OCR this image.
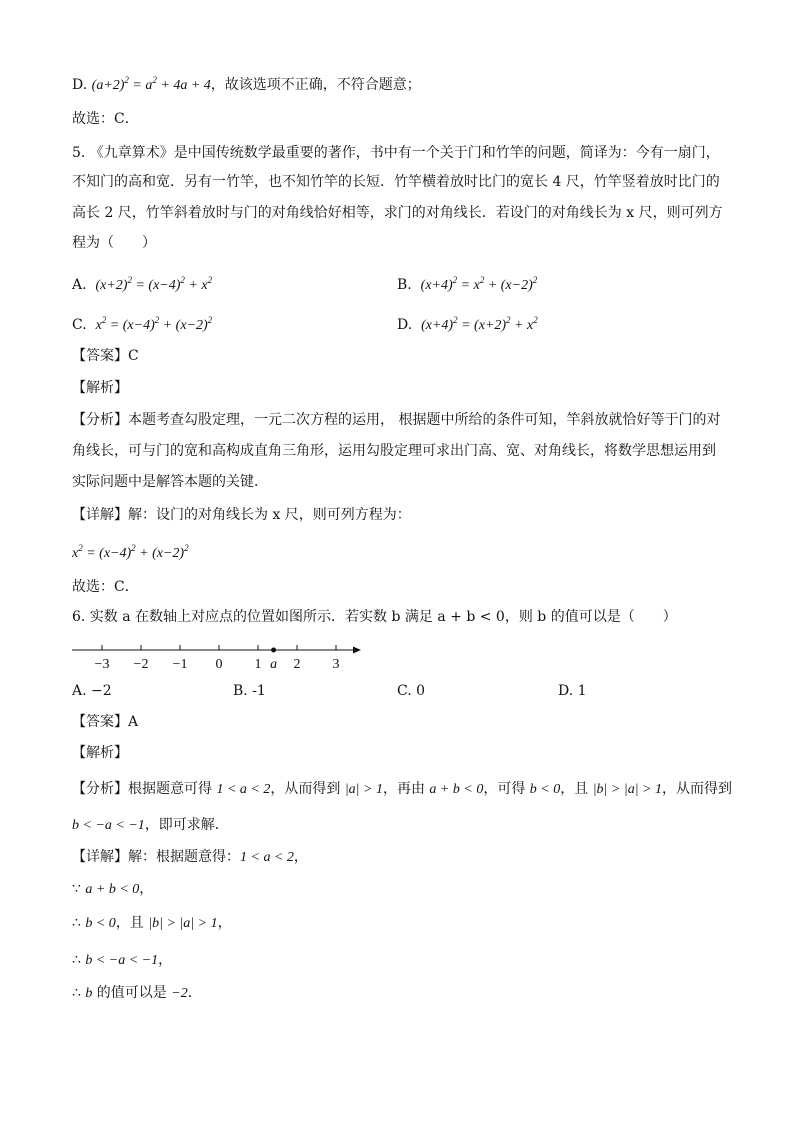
D. $(a+2)^2 = a^2 + 4a + 4$，故该选项不正确，不符合题意；
故选：C．
5. 《九章算术》是中国传统数学最重要的著作，书中有一个关于门和竹竿的问题，简译为：今有一扇门，
不知门的高和宽．另有一竹竿，也不知竹竿的长短．竹竿横着放时比门的宽长 4 尺，竹竿竖着放时比门的
高长 2 尺，竹竿斜着放时与门的对角线恰好相等，求门的对角线长．若设门的对角线长为 x 尺，则可列方
程为（　　）
A.  $(x+2)^2 = (x-4)^2 + x^2$	B.  $(x+4)^2 = x^2 + (x-2)^2$
C.  $x^2 = (x-4)^2 + (x-2)^2$	D.  $(x+4)^2 = (x+2)^2 + x^2$
【答案】C
【解析】
【分析】本题考查勾股定理，一元二次方程的运用， 根据题中所给的条件可知，竿斜放就恰好等于门的对
角线长，可与门的宽和高构成直角三角形，运用勾股定理可求出门高、宽、对角线长，将数学思想运用到
实际问题中是解答本题的关键．
【详解】解：设门的对角线长为 x 尺，则可列方程为：
$x^2 = (x-4)^2 + (x-2)^2$
故选：C．
6. 实数 a 在数轴上对应点的位置如图所示．若实数 b 满足 a + b < 0，则 b 的值可以是（　　）
−3 −2 −1 0 1 2 3
a
A. −2	B. -1	C. 0	D. 1
【答案】A
【解析】
【分析】根据题意可得 1 < a < 2，从而得到 |a| > 1，再由 a + b < 0，可得 b < 0，且 |b| > |a| > 1，从而得到
b < −a < −1，即可求解．
【详解】解：根据题意得：1 < a < 2，
∵ a + b < 0，
∴ b < 0，且 |b| > |a| > 1，
∴ b < −a < −1，
∴ b 的值可以是 −2．
